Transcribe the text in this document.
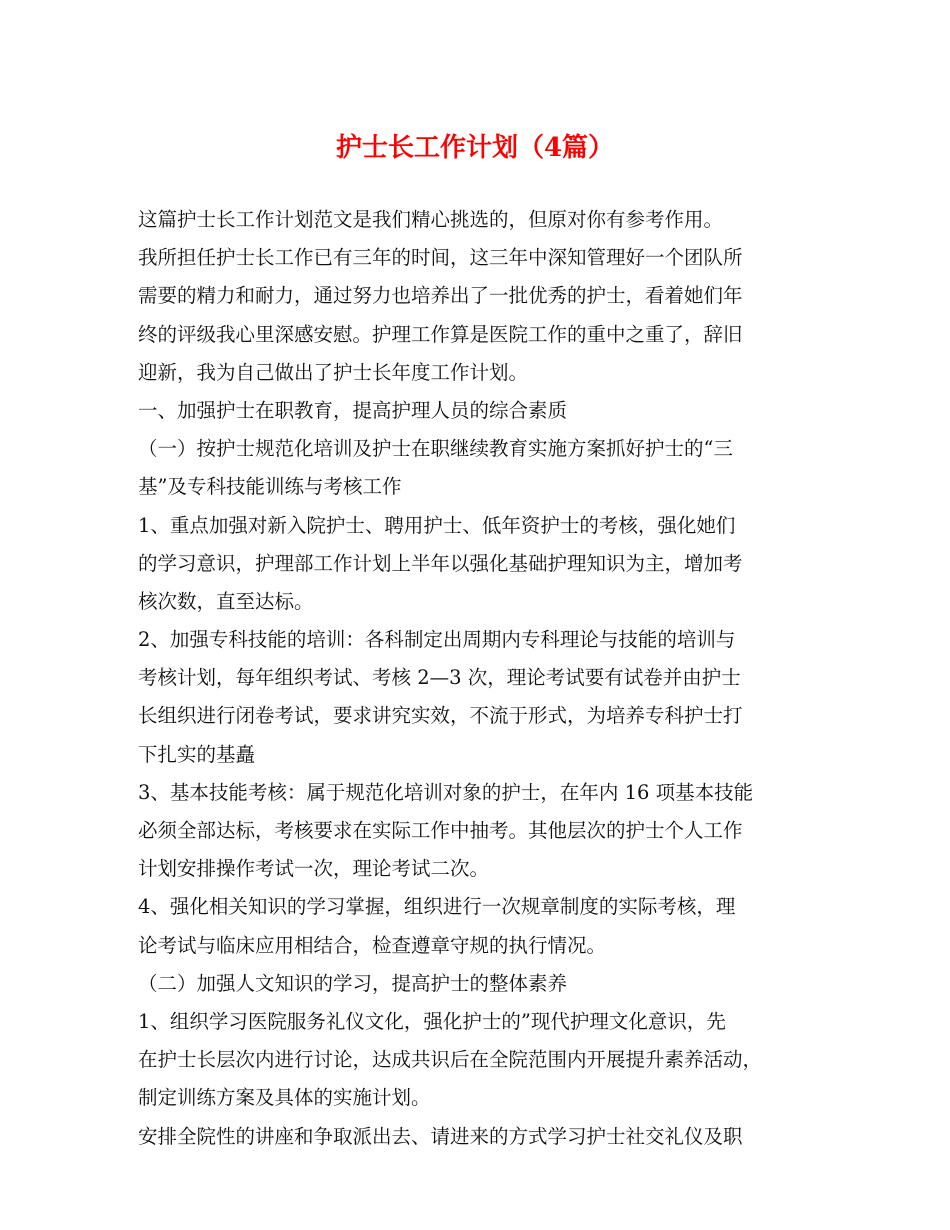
护士长工作计划（4篇）
这篇护士长工作计划范文是我们精心挑选的，但原对你有参考作用。
我所担任护士长工作已有三年的时间，这三年中深知管理好一个团队所
需要的精力和耐力，通过努力也培养出了一批优秀的护士，看着她们年
终的评级我心里深感安慰。护理工作算是医院工作的重中之重了，辞旧
迎新，我为自己做出了护士长年度工作计划。
一、加强护士在职教育，提高护理人员的综合素质
（一）按护士规范化培训及护士在职继续教育实施方案抓好护士的“三
基”及专科技能训练与考核工作
1、重点加强对新入院护士、聘用护士、低年资护士的考核，强化她们
的学习意识，护理部工作计划上半年以强化基础护理知识为主，增加考
核次数，直至达标。
2、加强专科技能的培训：各科制定出周期内专科理论与技能的培训与
考核计划，每年组织考试、考核 2—3 次，理论考试要有试卷并由护士
长组织进行闭卷考试，要求讲究实效，不流于形式，为培养专科护士打
下扎实的基矗
3、基本技能考核：属于规范化培训对象的护士，在年内 16 项基本技能
必须全部达标，考核要求在实际工作中抽考。其他层次的护士个人工作
计划安排操作考试一次，理论考试二次。
4、强化相关知识的学习掌握，组织进行一次规章制度的实际考核，理
论考试与临床应用相结合，检查遵章守规的执行情况。
（二）加强人文知识的学习，提高护士的整体素养
1、组织学习医院服务礼仪文化，强化护士的”现代护理文化意识，先
在护士长层次内进行讨论，达成共识后在全院范围内开展提升素养活动，
制定训练方案及具体的实施计划。
安排全院性的讲座和争取派出去、请进来的方式学习护士社交礼仪及职
